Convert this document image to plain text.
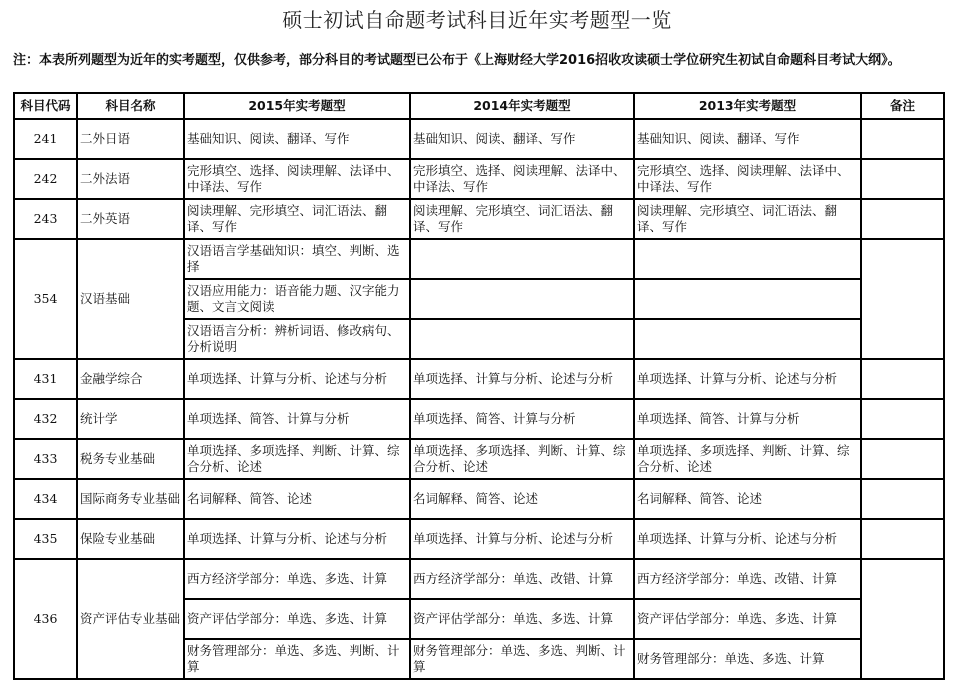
硕士初试自命题考试科目近年实考题型一览
注：本表所列题型为近年的实考题型，仅供参考，部分科目的考试题型已公布于《上海财经大学2016招收攻读硕士学位研究生初试自命题科目考试大纲》。
科目代码	科目名称	2015年实考题型	2014年实考题型	2013年实考题型	备注
241	二外日语	基础知识、阅读、翻译、写作	基础知识、阅读、翻译、写作	基础知识、阅读、翻译、写作	
242	二外法语	完形填空、选择、阅读理解、法译中、中译法、写作	完形填空、选择、阅读理解、法译中、中译法、写作	完形填空、选择、阅读理解、法译中、中译法、写作	
243	二外英语	阅读理解、完形填空、词汇语法、翻译、写作	阅读理解、完形填空、词汇语法、翻译、写作	阅读理解、完形填空、词汇语法、翻译、写作	
354	汉语基础	汉语语言学基础知识：填空、判断、选择			
		汉语应用能力：语音能力题、汉字能力题、文言文阅读			
		汉语语言分析：辨析词语、修改病句、分析说明			
431	金融学综合	单项选择、计算与分析、论述与分析	单项选择、计算与分析、论述与分析	单项选择、计算与分析、论述与分析	
432	统计学	单项选择、简答、计算与分析	单项选择、简答、计算与分析	单项选择、简答、计算与分析	
433	税务专业基础	单项选择、多项选择、判断、计算、综合分析、论述	单项选择、多项选择、判断、计算、综合分析、论述	单项选择、多项选择、判断、计算、综合分析、论述	
434	国际商务专业基础	名词解释、简答、论述	名词解释、简答、论述	名词解释、简答、论述	
435	保险专业基础	单项选择、计算与分析、论述与分析	单项选择、计算与分析、论述与分析	单项选择、计算与分析、论述与分析	
436	资产评估专业基础	西方经济学部分：单选、多选、计算	西方经济学部分：单选、改错、计算	西方经济学部分：单选、改错、计算	
		资产评估学部分：单选、多选、计算	资产评估学部分：单选、多选、计算	资产评估学部分：单选、多选、计算	
		财务管理部分：单选、多选、判断、计算	财务管理部分：单选、多选、判断、计算	财务管理部分：单选、多选、计算	
